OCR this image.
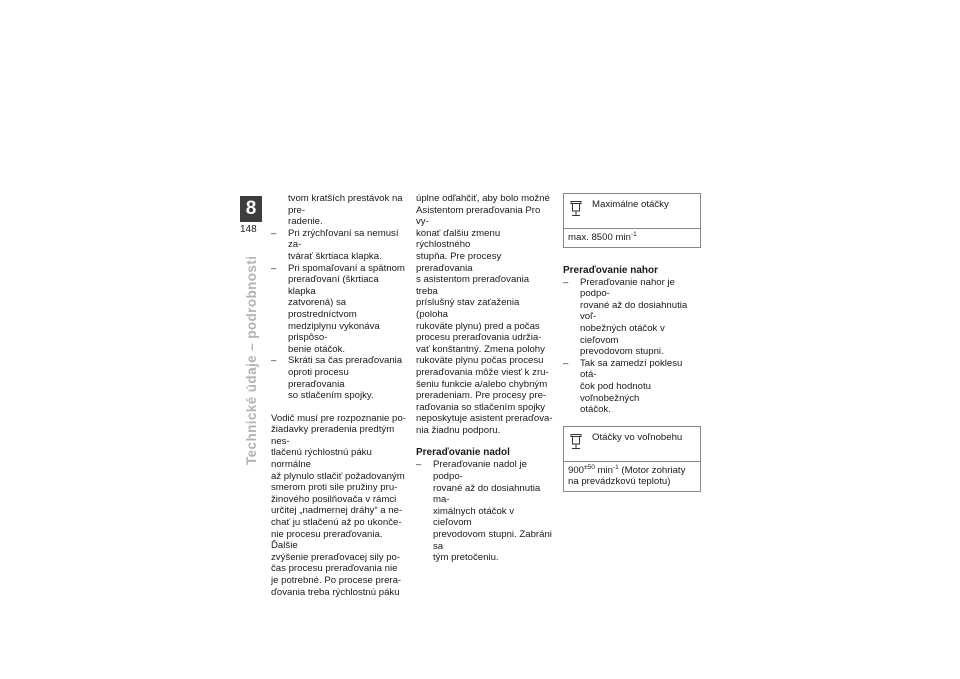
8
148
Technické údaje – podrobnosti

tvom kratších prestávok na pre-

radenie.

– Pri zrýchľovaní sa nemusí za-

tvárať škrtiaca klapka.

– Pri spomaľovaní a spätnom

preraďovaní (škrtiaca klapka

zatvorená) sa prostredníctvom

medziplynu vykonáva prispôso-

benie otáčok.

– Skráti sa čas preraďovania

oproti procesu preraďovania

so stlačením spojky.

Vodič musí pre rozpoznanie po-

žiadavky preradenia predtým nes-

tlačenú rýchlostnú páku normálne

až plynulo stlačiť požadovaným

smerom proti sile pružiny pru-

žinového posilňovača v rámci

určitej „nadmernej dráhy“ a ne-

chať ju stlačenú až po ukonče-

nie procesu preraďovania. Ďalšie

zvýšenie preraďovacej sily po-

čas procesu preraďovania nie

je potrebné. Po procese prera-

ďovania treba rýchlostnú páku

úplne odľahčiť, aby bolo možné

Asistentom preraďovania Pro vy-

konať ďalšiu zmenu rýchlostného

stupňa. Pre procesy preraďovania

s asistentom preraďovania treba

príslušný stav zaťaženia (poloha

rukoväte plynu) pred a počas

procesu preraďovania udržia-

vať konštantný. Zmena polohy

rukoväte plynu počas procesu

preraďovania môže viesť k zru-

šeniu funkcie a/alebo chybným

preradeniam. Pre procesy pre-

raďovania so stlačením spojky

neposkytuje asistent preraďova-

nia žiadnu podporu.

Preraďovanie nadol
– Preraďovanie nadol je podpo-

rované až do dosiahnutia ma-

ximálnych otáčok v cieľovom

prevodovom stupni. Zabráni sa

tým pretočeniu.

Maximálne otáčky
max. 8500 $\min^{-1}$
Preraďovanie nahor
– Preraďovanie nahor je podpo-

rované až do dosiahnutia voľ-

nobežných otáčok v cieľovom

prevodovom stupni.

– Tak sa zamedzí poklesu otá-

čok pod hodnotu voľnobežných

otáčok.

Otáčky vo voľnobehu
$900^{\pm 50}$ $\min^{-1}$ (Motor zohriaty
na prevádzkovú teplotu)
